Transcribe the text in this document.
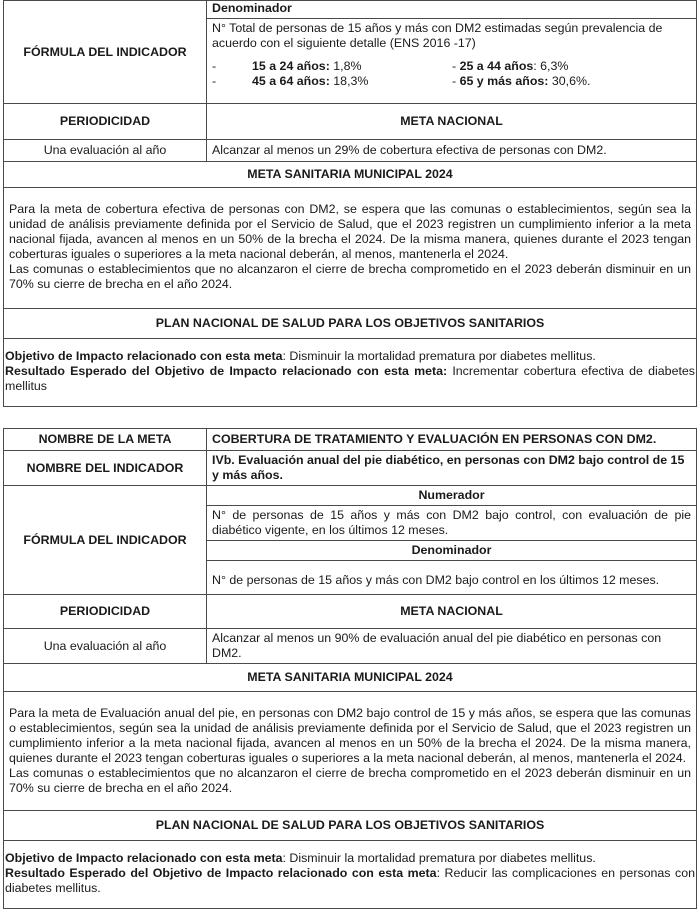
FÓRMULA DEL INDICADOR	Denominador

N° Total de personas de 15 años y más con DM2 estimadas según prevalencia de acuerdo con el siguiente detalle (ENS 2016 -17)
-	15 a 24 años: 1,8%	- 25 a 44 años : 6,3%
-	45 a 64 años: 18,3%	- 65 y más años: 30,6%.

PERIODICIDAD	META NACIONAL
Una evaluación al año	Alcanzar al menos un 29% de cobertura efectiva de personas con DM2.
META SANITARIA MUNICIPAL 2024	

Para la meta de cobertura efectiva de personas con DM2, se espera que las comunas o establecimientos, según sea la unidad de análisis previamente definida por el Servicio de Salud, que el 2023 registren un cumplimiento inferior a la meta nacional fijada, avancen al menos en un 50% de la brecha el 2024. De la misma manera, quienes durante el 2023 tengan coberturas iguales o superiores a la meta nacional deberán, al menos, mantenerla el 2024.
Las comunas o establecimientos que no alcanzaron el cierre de brecha comprometido en el 2023 deberán disminuir en un 70% su cierre de brecha en el año 2024.	

PLAN NACIONAL DE SALUD PARA LOS OBJETIVOS SANITARIOS	

Objetivo de Impacto relacionado con esta meta: Disminuir la mortalidad prematura por diabetes mellitus.
Resultado Esperado del Objetivo de Impacto relacionado con esta meta: Incrementar cobertura efectiva de diabetes mellitus	
NOMBRE DE LA META	COBERTURA DE TRATAMIENTO Y EVALUACIÓN EN PERSONAS CON DM2.
NOMBRE DEL INDICADOR	IVb. Evaluación anual del pie diabético, en personas con DM2 bajo control de 15 y más años.
FÓRMULA DEL INDICADOR	Numerador
	N° de personas de 15 años y más con DM2 bajo control, con evaluación de pie diabético vigente, en los últimos 12 meses.
	Denominador
	N° de personas de 15 años y más con DM2 bajo control en los últimos 12 meses.
PERIODICIDAD	META NACIONAL
Una evaluación al año	Alcanzar al menos un 90% de evaluación anual del pie diabético en personas con DM2.
META SANITARIA MUNICIPAL 2024	

Para la meta de Evaluación anual del pie, en personas con DM2 bajo control de 15 y más años, se espera que las comunas o establecimientos, según sea la unidad de análisis previamente definida por el Servicio de Salud, que el 2023 registren un cumplimiento inferior a la meta nacional fijada, avancen al menos en un 50% de la brecha el 2024. De la misma manera, quienes durante el 2023 tengan coberturas iguales o superiores a la meta nacional deberán, al menos, mantenerla el 2024.
Las comunas o establecimientos que no alcanzaron el cierre de brecha comprometido en el 2023 deberán disminuir en un 70% su cierre de brecha en el año 2024.	

PLAN NACIONAL DE SALUD PARA LOS OBJETIVOS SANITARIOS	

Objetivo de Impacto relacionado con esta meta: Disminuir la mortalidad prematura por diabetes mellitus.
Resultado Esperado del Objetivo de Impacto relacionado con esta meta: Reducir las complicaciones en personas con diabetes mellitus.	
